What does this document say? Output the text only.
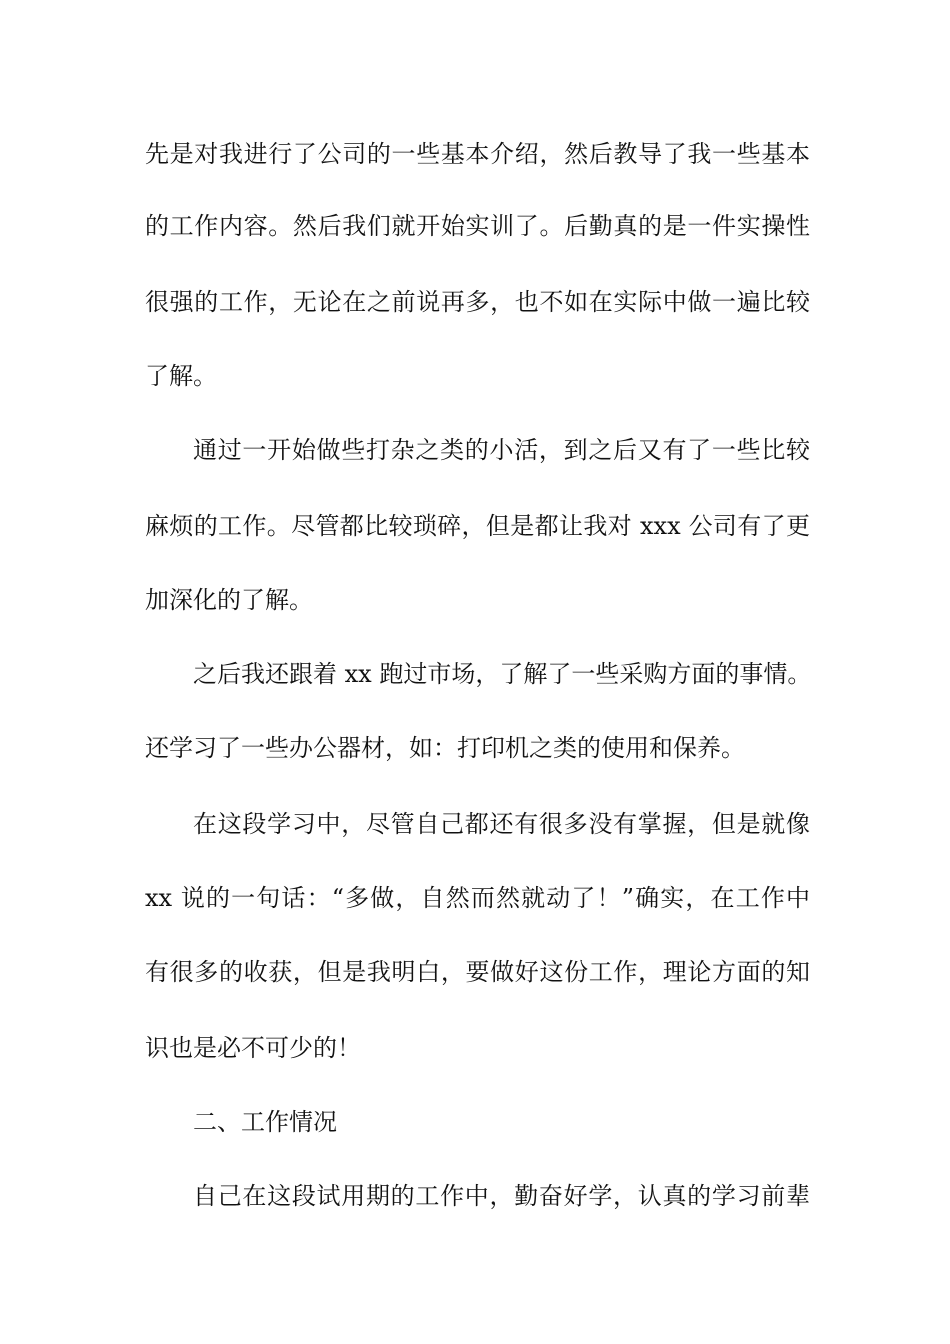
先是对我进行了公司的一些基本介绍，然后教导了我一些基本
的工作内容。然后我们就开始实训了。后勤真的是一件实操性
很强的工作，无论在之前说再多，也不如在实际中做一遍比较
了解。
通过一开始做些打杂之类的小活，到之后又有了一些比较
麻烦的工作。尽管都比较琐碎，但是都让我对 xxx 公司有了更
加深化的了解。
之后我还跟着 xx 跑过市场，了解了一些采购方面的事情。
还学习了一些办公器材，如：打印机之类的使用和保养。
在这段学习中，尽管自己都还有很多没有掌握，但是就像
xx 说的一句话：“多做，自然而然就动了！”确实，在工作中
有很多的收获，但是我明白，要做好这份工作，理论方面的知
识也是必不可少的！
二、工作情况
自己在这段试用期的工作中，勤奋好学，认真的学习前辈
